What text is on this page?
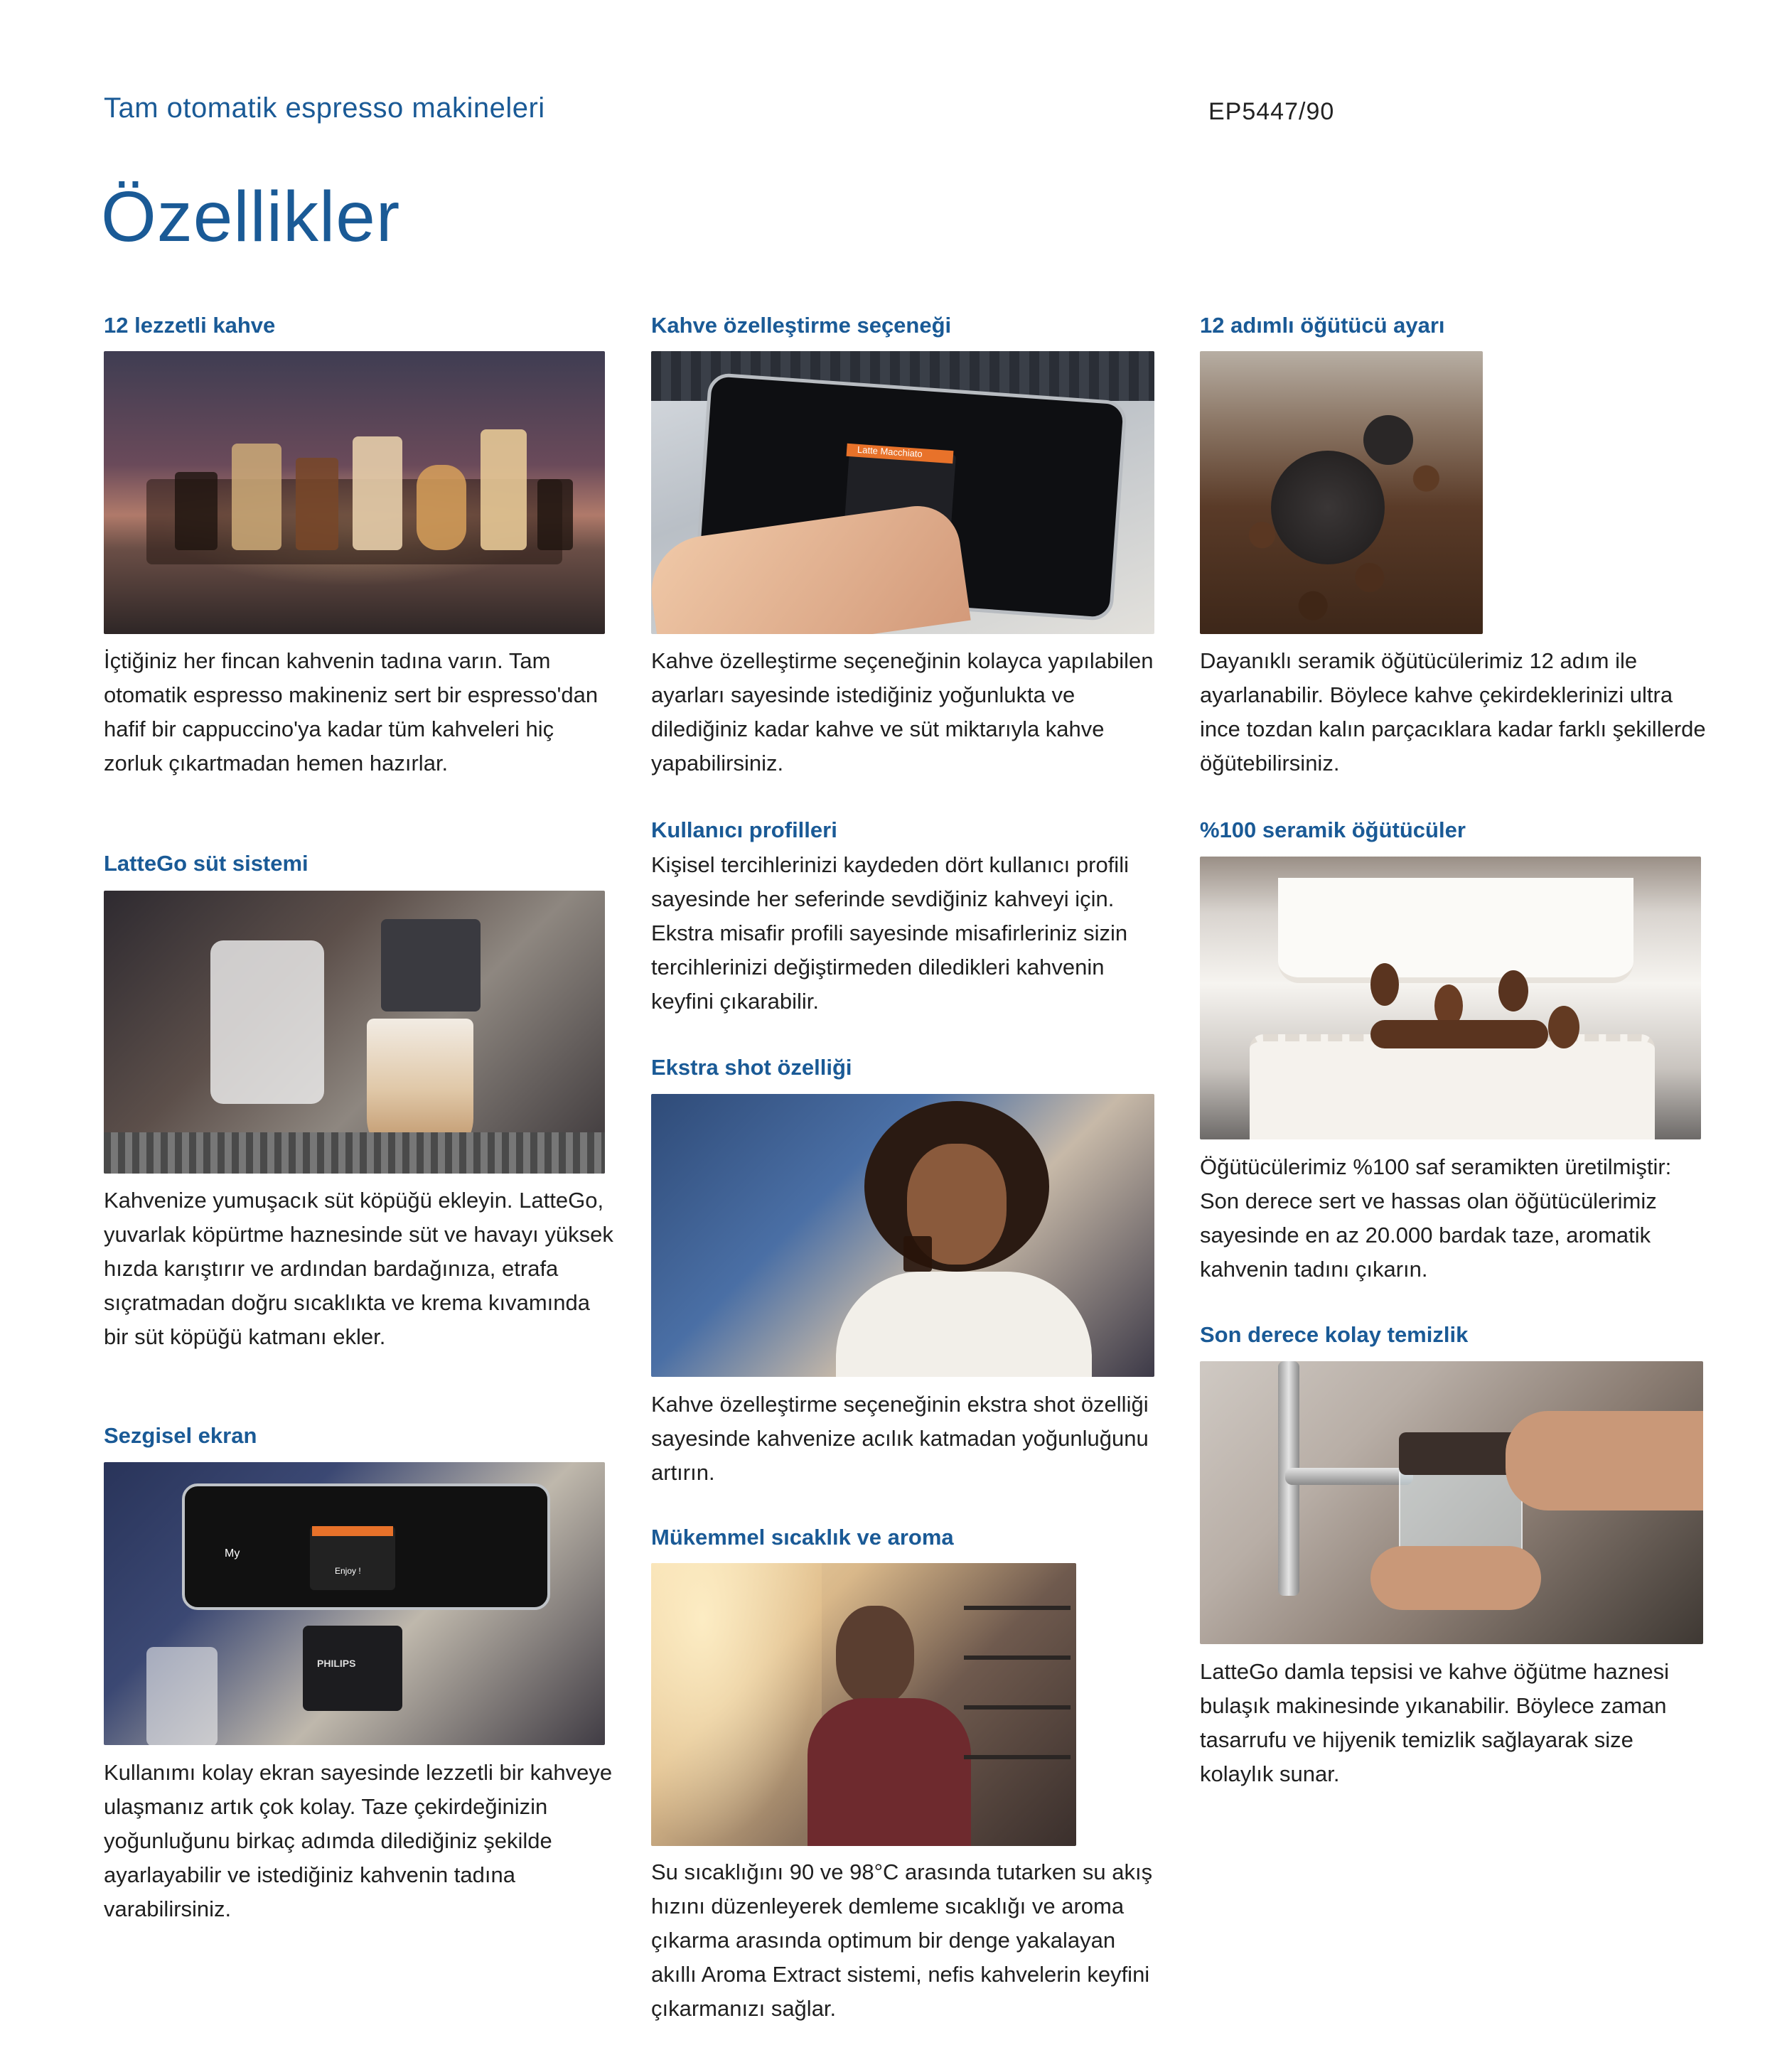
Tam otomatik espresso makineleri	EP5447/90
Özellikler
12 lezzetli kahve
İçtiğiniz her fincan kahvenin tadına varın. Tam otomatik espresso makineniz sert bir espresso'dan hafif bir cappuccino'ya kadar tüm kahveleri hiç zorluk çıkartmadan hemen hazırlar.
LatteGo süt sistemi
Kahvenize yumuşacık süt köpüğü ekleyin. LatteGo, yuvarlak köpürtme haznesinde süt ve havayı yüksek hızda karıştırır ve ardından bardağınıza, etrafa sıçratmadan doğru sıcaklıkta ve krema kıvamında bir süt köpüğü katmanı ekler.
Sezgisel ekran
My
Enjoy !
PHILIPS
Kullanımı kolay ekran sayesinde lezzetli bir kahveye ulaşmanız artık çok kolay. Taze çekirdeğinizin yoğunluğunu birkaç adımda dilediğiniz şekilde ayarlayabilir ve istediğiniz kahvenin tadına varabilirsiniz.
Kahve özelleştirme seçeneği
Latte Macchiato
Kahve özelleştirme seçeneğinin kolayca yapılabilen ayarları sayesinde istediğiniz yoğunlukta ve dilediğiniz kadar kahve ve süt miktarıyla kahve yapabilirsiniz.
Kullanıcı profilleri
Kişisel tercihlerinizi kaydeden dört kullanıcı profili sayesinde her seferinde sevdiğiniz kahveyi için. Ekstra misafir profili sayesinde misafirleriniz sizin tercihlerinizi değiştirmeden diledikleri kahvenin keyfini çıkarabilir.
Ekstra shot özelliği
Kahve özelleştirme seçeneğinin ekstra shot özelliği sayesinde kahvenize acılık katmadan yoğunluğunu artırın.
Mükemmel sıcaklık ve aroma
Su sıcaklığını 90 ve 98°C arasında tutarken su akış hızını düzenleyerek demleme sıcaklığı ve aroma çıkarma arasında optimum bir denge yakalayan akıllı Aroma Extract sistemi, nefis kahvelerin keyfini çıkarmanızı sağlar.
12 adımlı öğütücü ayarı
Dayanıklı seramik öğütücülerimiz 12 adım ile ayarlanabilir. Böylece kahve çekirdeklerinizi ultra ince tozdan kalın parçacıklara kadar farklı şekillerde öğütebilirsiniz.
%100 seramik öğütücüler
Öğütücülerimiz %100 saf seramikten üretilmiştir: Son derece sert ve hassas olan öğütücülerimiz sayesinde en az 20.000 bardak taze, aromatik kahvenin tadını çıkarın.
Son derece kolay temizlik
LatteGo damla tepsisi ve kahve öğütme haznesi bulaşık makinesinde yıkanabilir. Böylece zaman tasarrufu ve hijyenik temizlik sağlayarak size kolaylık sunar.
